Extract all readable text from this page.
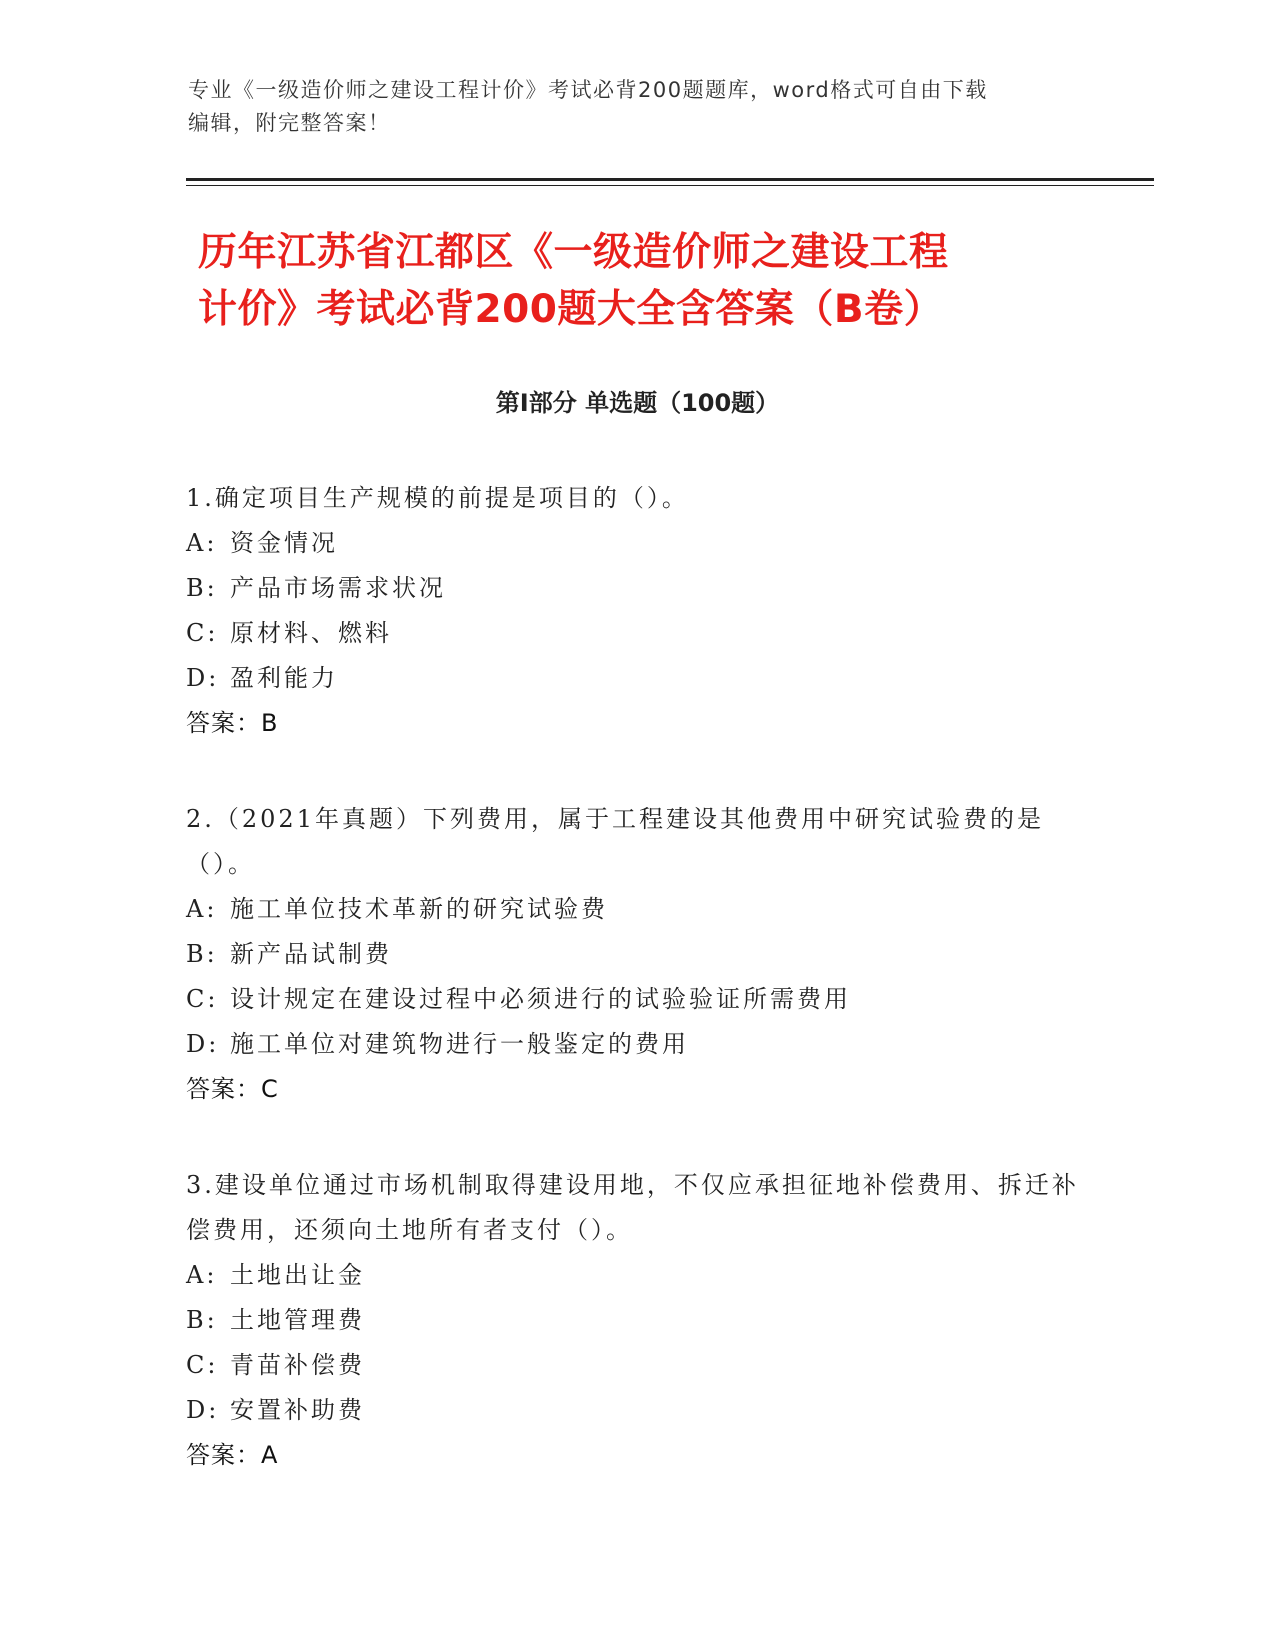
专业《一级造价师之建设工程计价》考试必背200题题库，word格式可自由下载
编辑，附完整答案！
历年江苏省江都区《一级造价师之建设工程
计价》考试必背200题大全含答案（B卷）
第Ⅰ部分 单选题（100题）
1.确定项目生产规模的前提是项目的（）。
A: 资金情况
B: 产品市场需求状况
C: 原材料、燃料
D: 盈利能力
答案：B
2.（2021年真题）下列费用，属于工程建设其他费用中研究试验费的是（）。
A: 施工单位技术革新的研究试验费
B: 新产品试制费
C: 设计规定在建设过程中必须进行的试验验证所需费用
D: 施工单位对建筑物进行一般鉴定的费用
答案：C
3.建设单位通过市场机制取得建设用地，不仅应承担征地补偿费用、拆迁补偿费用，还须向土地所有者支付（）。
A: 土地出让金
B: 土地管理费
C: 青苗补偿费
D: 安置补助费
答案：A
